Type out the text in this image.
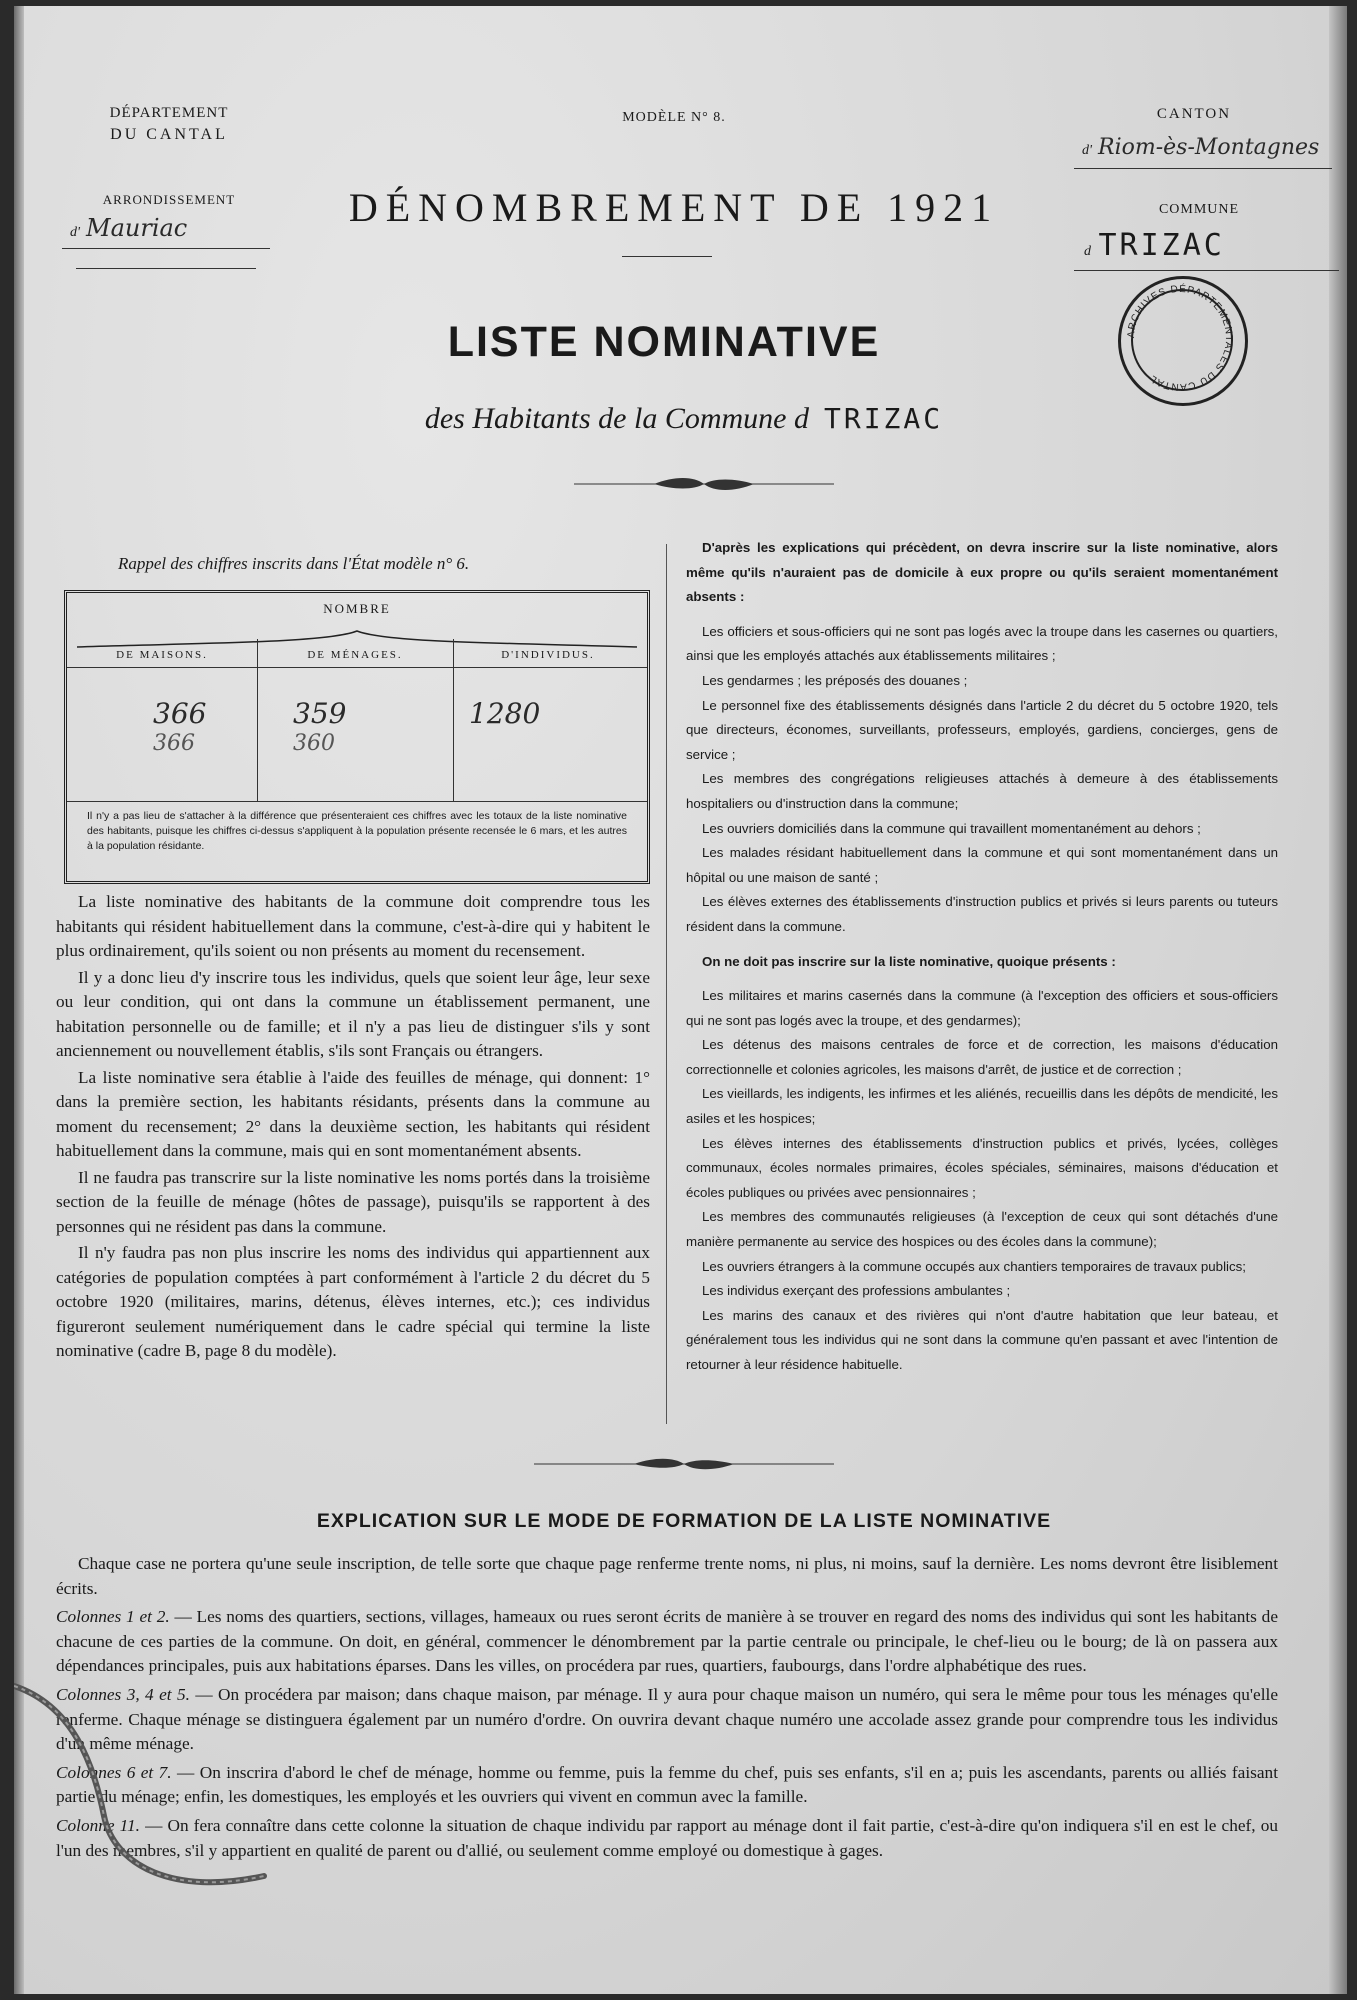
DÉPARTEMENT
DU CANTAL
ARRONDISSEMENT
d' Mauriac
MODÈLE N° 8.
DÉNOMBREMENT DE 1921
CANTON
d' Riom-ès-Montagnes
COMMUNE
d TRIZAC
ARCHIVES DÉPARTEMENTALES DU CANTAL
LISTE NOMINATIVE
des Habitants de la Commune d TRIZAC
Rappel des chiffres inscrits dans l'État modèle n° 6.
NOMBRE
DE MAISONS.	DE MÉNAGES.	D'INDIVIDUS.
366
366
359
360
1280
Il n'y a pas lieu de s'attacher à la différence que présenteraient ces chiffres avec les totaux de la liste nominative des habitants, puisque les chiffres ci-dessus s'appliquent à la population présente recensée le 6 mars, et les autres à la population résidante.

La liste nominative des habitants de la commune doit comprendre tous les habitants qui résident habituellement dans la commune, c'est-à-dire qui y habitent le plus ordinairement, qu'ils soient ou non présents au moment du recensement.

Il y a donc lieu d'y inscrire tous les individus, quels que soient leur âge, leur sexe ou leur condition, qui ont dans la commune un établissement permanent, une habitation personnelle ou de famille; et il n'y a pas lieu de distinguer s'ils y sont anciennement ou nouvellement établis, s'ils sont Français ou étrangers.

La liste nominative sera établie à l'aide des feuilles de ménage, qui donnent: 1° dans la première section, les habitants résidants, présents dans la commune au moment du recensement; 2° dans la deuxième section, les habitants qui résident habituellement dans la commune, mais qui en sont momentanément absents.

Il ne faudra pas transcrire sur la liste nominative les noms portés dans la troisième section de la feuille de ménage (hôtes de passage), puisqu'ils se rapportent à des personnes qui ne résident pas dans la commune.

Il n'y faudra pas non plus inscrire les noms des individus qui appartiennent aux catégories de population comptées à part conformément à l'article 2 du décret du 5 octobre 1920 (militaires, marins, détenus, élèves internes, etc.); ces individus figureront seulement numériquement dans le cadre spécial qui termine la liste nominative (cadre B, page 8 du modèle).

D'après les explications qui précèdent, on devra inscrire sur la liste nominative, alors même qu'ils n'auraient pas de domicile à eux propre ou qu'ils seraient momentanément absents :

Les officiers et sous-officiers qui ne sont pas logés avec la troupe dans les casernes ou quartiers, ainsi que les employés attachés aux établissements militaires ;

Les gendarmes ; les préposés des douanes ;

Le personnel fixe des établissements désignés dans l'article 2 du décret du 5 octobre 1920, tels que directeurs, économes, surveillants, professeurs, employés, gardiens, concierges, gens de service ;

Les membres des congrégations religieuses attachés à demeure à des établissements hospitaliers ou d'instruction dans la commune;

Les ouvriers domiciliés dans la commune qui travaillent momentanément au dehors ;

Les malades résidant habituellement dans la commune et qui sont momentanément dans un hôpital ou une maison de santé ;

Les élèves externes des établissements d'instruction publics et privés si leurs parents ou tuteurs résident dans la commune.

On ne doit pas inscrire sur la liste nominative, quoique présents :

Les militaires et marins casernés dans la commune (à l'exception des officiers et sous-officiers qui ne sont pas logés avec la troupe, et des gendarmes);

Les détenus des maisons centrales de force et de correction, les maisons d'éducation correctionnelle et colonies agricoles, les maisons d'arrêt, de justice et de correction ;

Les vieillards, les indigents, les infirmes et les aliénés, recueillis dans les dépôts de mendicité, les asiles et les hospices;

Les élèves internes des établissements d'instruction publics et privés, lycées, collèges communaux, écoles normales primaires, écoles spéciales, séminaires, maisons d'éducation et écoles publiques ou privées avec pensionnaires ;

Les membres des communautés religieuses (à l'exception de ceux qui sont détachés d'une manière permanente au service des hospices ou des écoles dans la commune);

Les ouvriers étrangers à la commune occupés aux chantiers temporaires de travaux publics;

Les individus exerçant des professions ambulantes ;

Les marins des canaux et des rivières qui n'ont d'autre habitation que leur bateau, et généralement tous les individus qui ne sont dans la commune qu'en passant et avec l'intention de retourner à leur résidence habituelle.

EXPLICATION SUR LE MODE DE FORMATION DE LA LISTE NOMINATIVE

Chaque case ne portera qu'une seule inscription, de telle sorte que chaque page renferme trente noms, ni plus, ni moins, sauf la dernière. Les noms devront être lisiblement écrits.

Colonnes 1 et 2. — Les noms des quartiers, sections, villages, hameaux ou rues seront écrits de manière à se trouver en regard des noms des individus qui sont les habitants de chacune de ces parties de la commune. On doit, en général, commencer le dénombrement par la partie centrale ou principale, le chef-lieu ou le bourg; de là on passera aux dépendances principales, puis aux habitations éparses. Dans les villes, on procédera par rues, quartiers, faubourgs, dans l'ordre alphabétique des rues.

Colonnes 3, 4 et 5. — On procédera par maison; dans chaque maison, par ménage. Il y aura pour chaque maison un numéro, qui sera le même pour tous les ménages qu'elle renferme. Chaque ménage se distinguera également par un numéro d'ordre. On ouvrira devant chaque numéro une accolade assez grande pour comprendre tous les individus d'un même ménage.

Colonnes 6 et 7. — On inscrira d'abord le chef de ménage, homme ou femme, puis la femme du chef, puis ses enfants, s'il en a; puis les ascendants, parents ou alliés faisant partie du ménage; enfin, les domestiques, les employés et les ouvriers qui vivent en commun avec la famille.

Colonne 11. — On fera connaître dans cette colonne la situation de chaque individu par rapport au ménage dont il fait partie, c'est-à-dire qu'on indiquera s'il en est le chef, ou l'un des membres, s'il y appartient en qualité de parent ou d'allié, ou seulement comme employé ou domestique à gages.
